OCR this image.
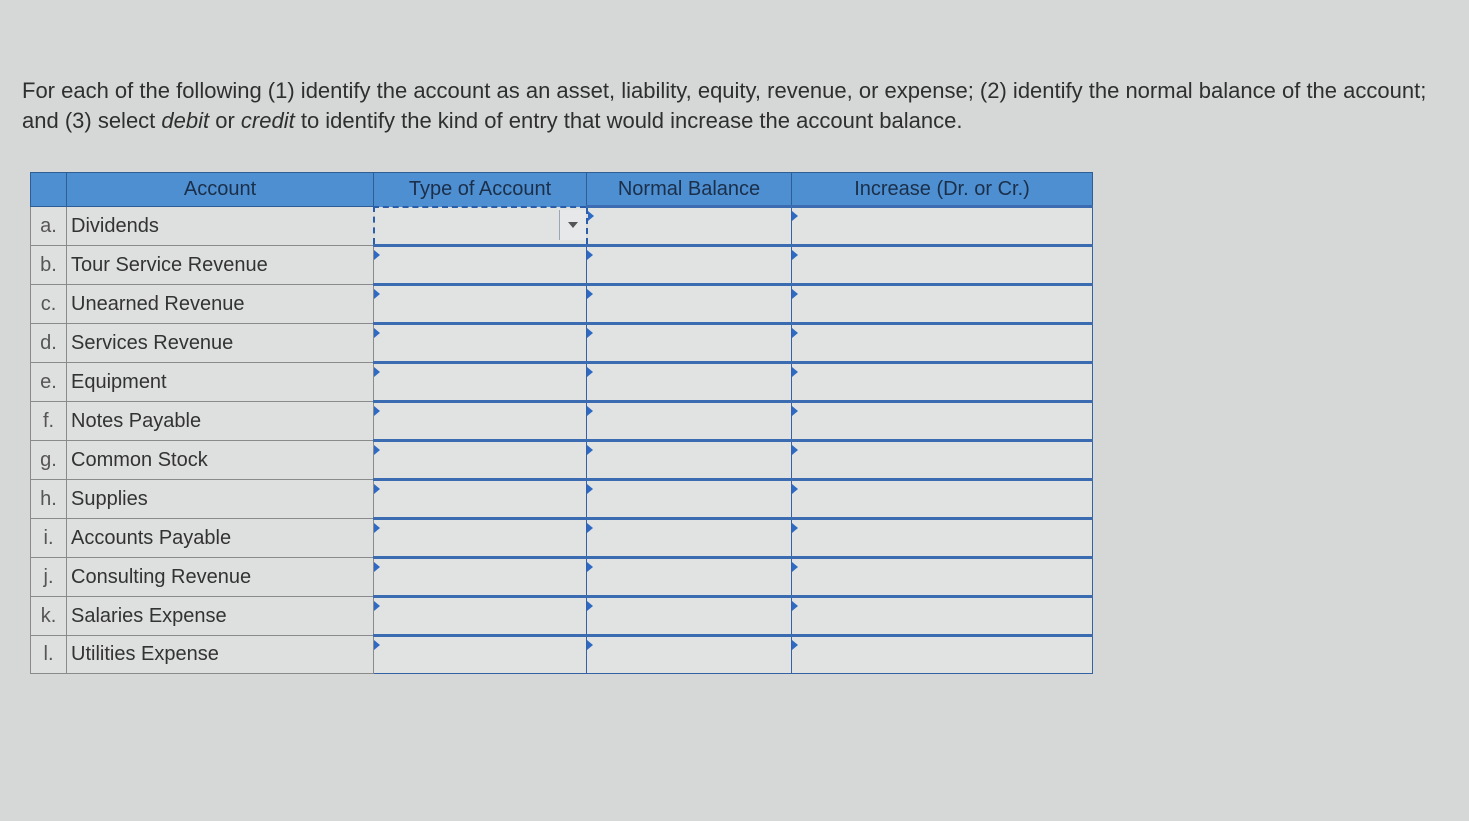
For each of the following (1) identify the account as an asset, liability, equity, revenue, or expense; (2) identify the normal balance of the account; and (3) select debit or credit to identify the kind of entry that would increase the account balance.

	Account	Type of Account	Normal Balance	Increase (Dr. or Cr.)
a.	Dividends	

b.	Tour Service Revenue	

c.	Unearned Revenue	

d.	Services Revenue	

e.	Equipment	

f.	Notes Payable	

g.	Common Stock	

h.	Supplies	

i.	Accounts Payable	

j.	Consulting Revenue	

k.	Salaries Expense	

l.	Utilities Expense	
